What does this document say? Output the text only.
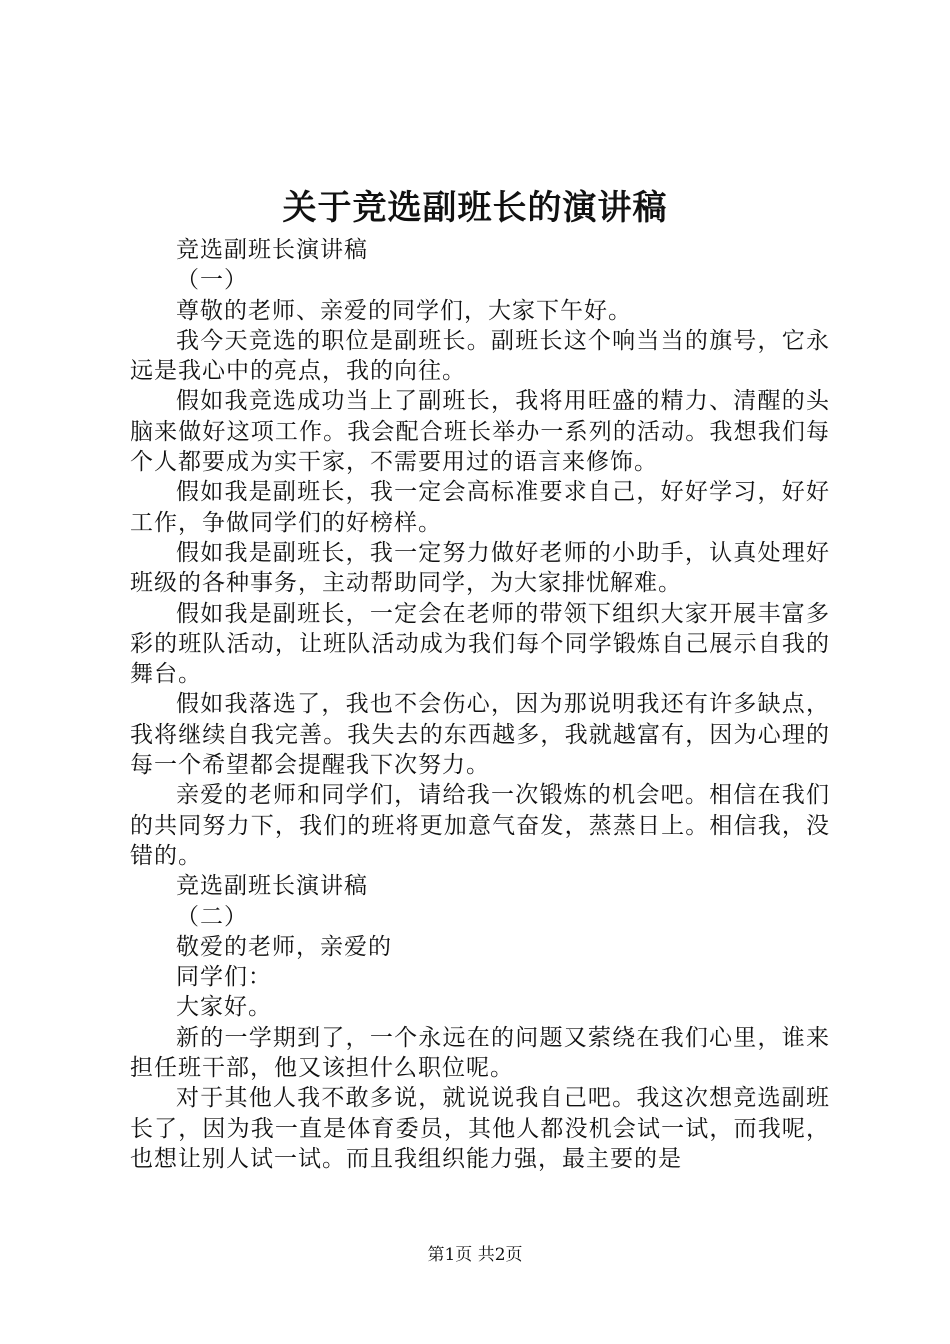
关于竞选副班长的演讲稿

竞选副班长演讲稿

（一）

尊敬的老师、亲爱的同学们，大家下午好。

我今天竞选的职位是副班长。副班长这个响当当的旗号，它永远是我心中的亮点，我的向往。

假如我竞选成功当上了副班长，我将用旺盛的精力、清醒的头脑来做好这项工作。我会配合班长举办一系列的活动。我想我们每个人都要成为实干家，不需要用过的语言来修饰。

假如我是副班长，我一定会高标准要求自己，好好学习，好好工作，争做同学们的好榜样。

假如我是副班长，我一定努力做好老师的小助手，认真处理好班级的各种事务，主动帮助同学，为大家排忧解难。

假如我是副班长，一定会在老师的带领下组织大家开展丰富多彩的班队活动，让班队活动成为我们每个同学锻炼自己展示自我的舞台。

假如我落选了，我也不会伤心，因为那说明我还有许多缺点，我将继续自我完善。我失去的东西越多，我就越富有，因为心理的每一个希望都会提醒我下次努力。

亲爱的老师和同学们，请给我一次锻炼的机会吧。相信在我们的共同努力下，我们的班将更加意气奋发，蒸蒸日上。相信我，没错的。

竞选副班长演讲稿

（二）

敬爱的老师，亲爱的

同学们：

大家好。

新的一学期到了，一个永远在的问题又萦绕在我们心里，谁来担任班干部，他又该担什么职位呢。

对于其他人我不敢多说，就说说我自己吧。我这次想竞选副班长了，因为我一直是体育委员，其他人都没机会试一试，而我呢，也想让别人试一试。而且我组织能力强，最主要的是

第1页 共2页
